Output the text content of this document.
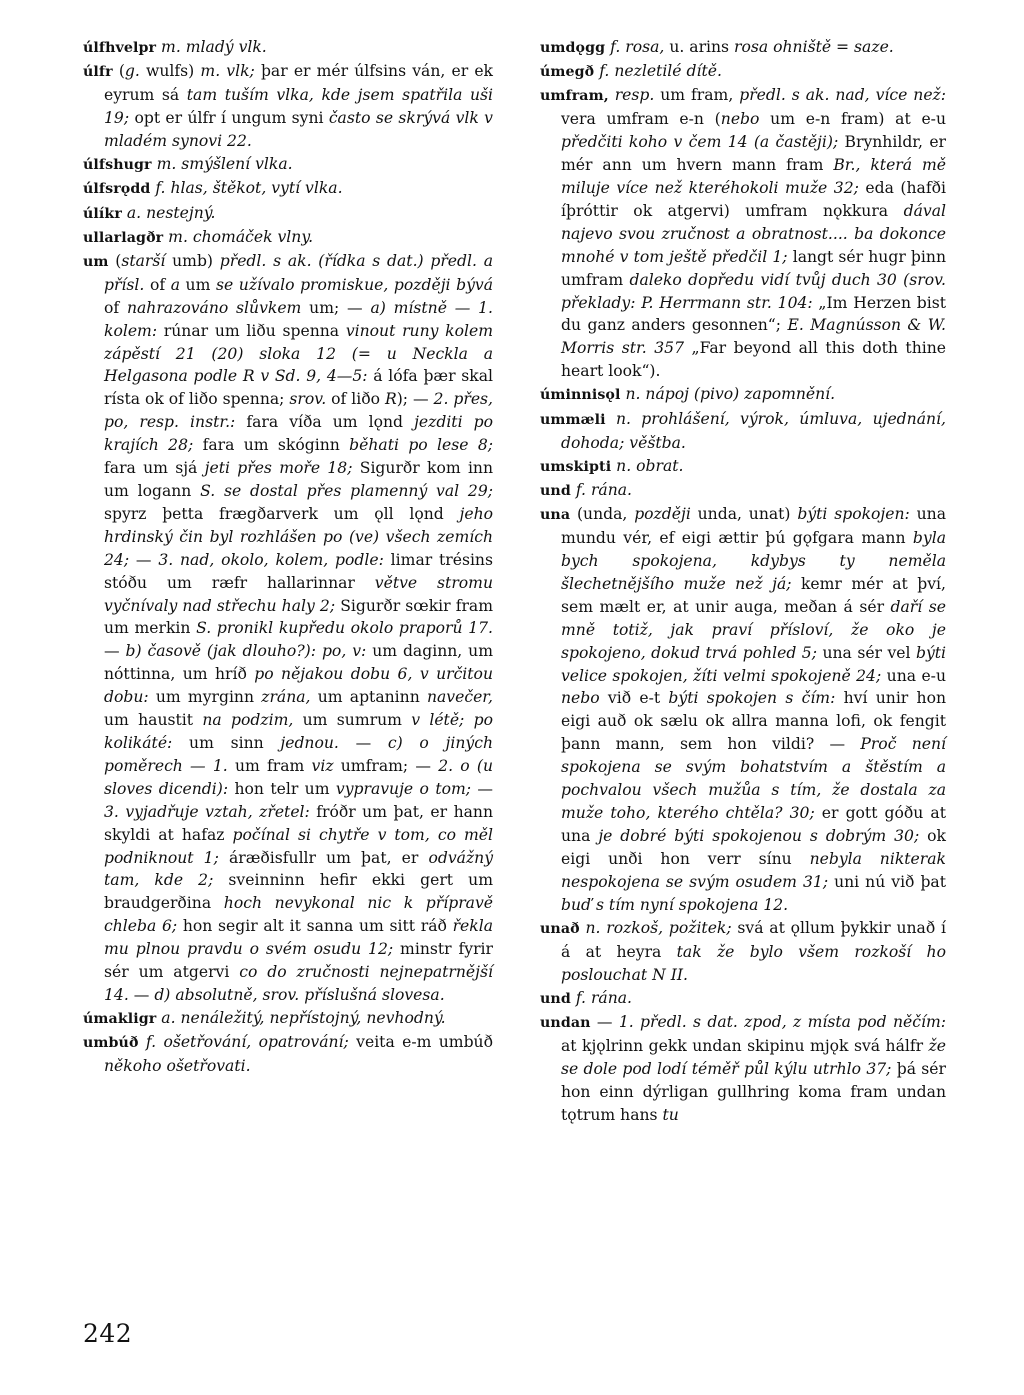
úlfhvelpr m. mladý vlk.

úlfr (g. wulfs) m. vlk; þar er mér úlfsins ván, er ek eyrum sá tam tuším vlka, kde jsem spatřila uši 19; opt er úlfr í ungum syni často se skrývá vlk v mladém synovi 22.

úlfshugr m. smýšlení vlka.

úlfsrǫdd f. hlas, štěkot, vytí vlka.

úlíkr a. nestejný.

ullarlagðr m. chomáček vlny.

um (starší umb) předl. s ak. (řídka s dat.) předl. a přísl. of a um se užívalo promiskue, později bývá of nahrazováno slůvkem um; — a) místně — 1. kolem: rúnar um liðu spenna vinout runy kolem zápěstí 21 (20) sloka 12 (= u Neckla a Helgasona podle R v Sd. 9, 4—5: á lófa þær skal rísta ok of liðo spenna; srov. of liðo R); — 2. přes, po, resp. instr.: fara víða um lǫnd jezditi po krajích 28; fara um skóginn běhati po lese 8; fara um sjá jeti přes moře 18; Sigurðr kom inn um logann S. se dostal přes plamenný val 29; spyrz þetta frægðarverk um ǫll lǫnd jeho hrdinský čin byl rozhlášen po (ve) všech zemích 24; — 3. nad, okolo, kolem, podle: limar trésins stóðu um ræfr hallarinnar větve stromu vyčnívaly nad střechu haly 2; Sigurðr sœkir fram um merkin S. pronikl kupředu okolo praporů 17. — b) časově (jak dlouho?): po, v: um daginn, um nóttinna, um hríð po nějakou dobu 6, v určitou dobu: um myrginn zrána, um aptaninn navečer, um haustit na podzim, um sumrum v létě; po kolikáté: um sinn jednou. — c) o jiných poměrech — 1. um fram viz umfram; — 2. o (u sloves dicendi): hon telr um vypravuje o tom; — 3. vyjadřuje vztah, zřetel: fróðr um þat, er hann skyldi at hafaz počínal si chytře v tom, co měl podniknout 1; áræðisfullr um þat, er odvážný tam, kde 2; sveinninn hefir ekki gert um braudgerðina hoch nevykonal nic k přípravě chleba 6; hon segir alt it sanna um sitt ráð řekla mu plnou pravdu o svém osudu 12; minstr fyrir sér um atgervi co do zručnosti nejnepatrnější 14. — d) absolutně, srov. příslušná slovesa.

úmakligr a. nenáležitý, nepřístojný, nevhodný.

umbúð f. ošetřování, opatrování; veita e-m umbúð někoho ošetřovati.

umdǫgg f. rosa, u. arins rosa ohniště = saze.

úmegð f. nezletilé dítě.

umfram, resp. um fram, předl. s ak. nad, více než: vera umfram e-n (nebo um e-n fram) at e-u předčiti koho v čem 14 (a častěji); Brynhildr, er mér ann um hvern mann fram Br., která mě miluje více než kteréhokoli muže 32; eda (hafði íþróttir ok atgervi) umfram nǫkkura dával najevo svou zručnost a obratnost.... ba dokonce mnohé v tom ještě předčil 1; langt sér hugr þinn umfram daleko dopředu vidí tvůj duch 30 (srov. překlady: P. Herrmann str. 104: „Im Herzen bist du ganz anders gesonnen“; E. Magnússon & W. Morris str. 357 „Far beyond all this doth thine heart look“).

úminnisǫl n. nápoj (pivo) zapomnění.

ummæli n. prohlášení, výrok, úmluva, ujednání, dohoda; věštba.

umskipti n. obrat.

und f. rána.

una (unda, později unda, unat) býti spokojen: una mundu vér, ef eigi ættir þú gǫfgara mann byla bych spokojena, kdybys ty neměla šlechetnějšího muže než já; kemr mér at því, sem mælt er, at unir auga, meðan á sér daří se mně totiž, jak praví přísloví, že oko je spokojeno, dokud trvá pohled 5; una sér vel býti velice spokojen, žíti velmi spokojeně 24; una e-u nebo við e-t býti spokojen s čím: hví unir hon eigi auð ok sælu ok allra manna lofi, ok fengit þann mann, sem hon vildi? — Proč není spokojena se svým bohatstvím a štěstím a pochvalou všech mužůa s tím, že dostala za muže toho, kterého chtěla? 30; er gott góðu at una je dobré býti spokojenou s dobrým 30; ok eigi unði hon verr sínu nebyla nikterak nespokojena se svým osudem 31; uni nú við þat buď s tím nyní spokojena 12.

unað n. rozkoš, požitek; svá at ǫllum þykkir unað í á at heyra tak že bylo všem rozkoší ho poslouchat N II.

und f. rána.

undan — 1. předl. s dat. zpod, z místa pod něčím: at kjǫlrinn gekk undan skipinu mjǫk svá hálfr že se dole pod lodí téměř půl kýlu utrhlo 37; þá sér hon einn dýrligan gullhring koma fram undan tǫtrum hans tu

242
